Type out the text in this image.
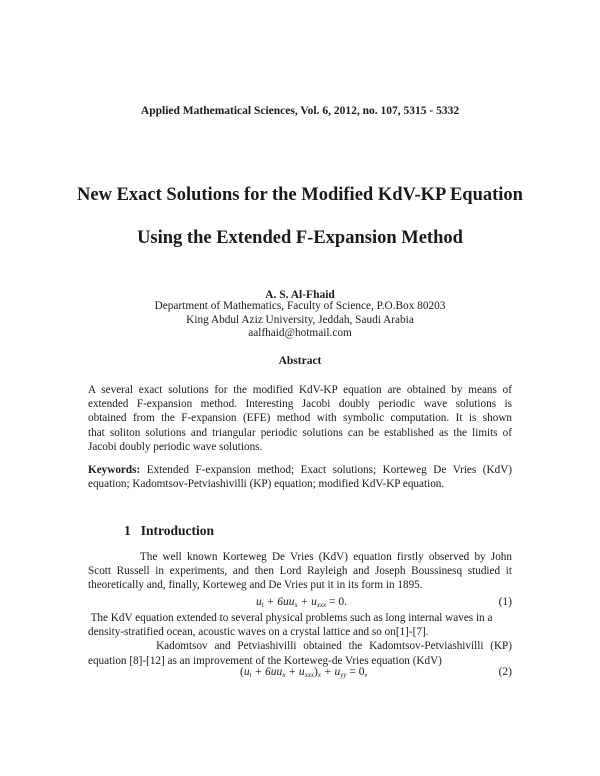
Applied Mathematical Sciences, Vol. 6, 2012, no. 107, 5315 - 5332
New Exact Solutions for the Modified KdV-KP Equation
Using the Extended F-Expansion Method
A. S. Al-Fhaid
Department of Mathematics, Faculty of Science, P.O.Box 80203
King Abdul Aziz University, Jeddah, Saudi Arabia
aalfhaid@hotmail.com
Abstract
A several exact solutions for the modified KdV-KP equation are obtained by means of
extended F-expansion method. Interesting Jacobi doubly periodic wave solutions is
obtained from the F-expansion (EFE) method with symbolic computation. It is shown
that soliton solutions and triangular periodic solutions can be established as the limits of
Jacobi doubly periodic wave solutions.
Keywords: Extended F-expansion method; Exact solutions; Korteweg De Vries (KdV)
equation; Kadomtsov-Petviashivilli (KP) equation; modified KdV-KP equation.
1 Introduction
The well known Korteweg De Vries (KdV) equation firstly observed by John
Scott Russell in experiments, and then Lord Rayleigh and Joseph Boussinesq studied it
theoretically and, finally, Korteweg and De Vries put it in its form in 1895.
$u_t + 6uu_x + u_{xxx} = 0$.	(1)
The KdV equation extended to several physical problems such as long internal waves in a
density-stratified ocean, acoustic waves on a crystal lattice and so on[1]-[7].
Kadomtsov and Petviashivilli obtained the Kadomtsov-Petviashivilli (KP)
equation [8]-[12] as an improvement of the Korteweg-de Vries equation (KdV)
$(u_t + 6uu_x + u_{xxx})_x + u_{yy} = 0$,	(2)
